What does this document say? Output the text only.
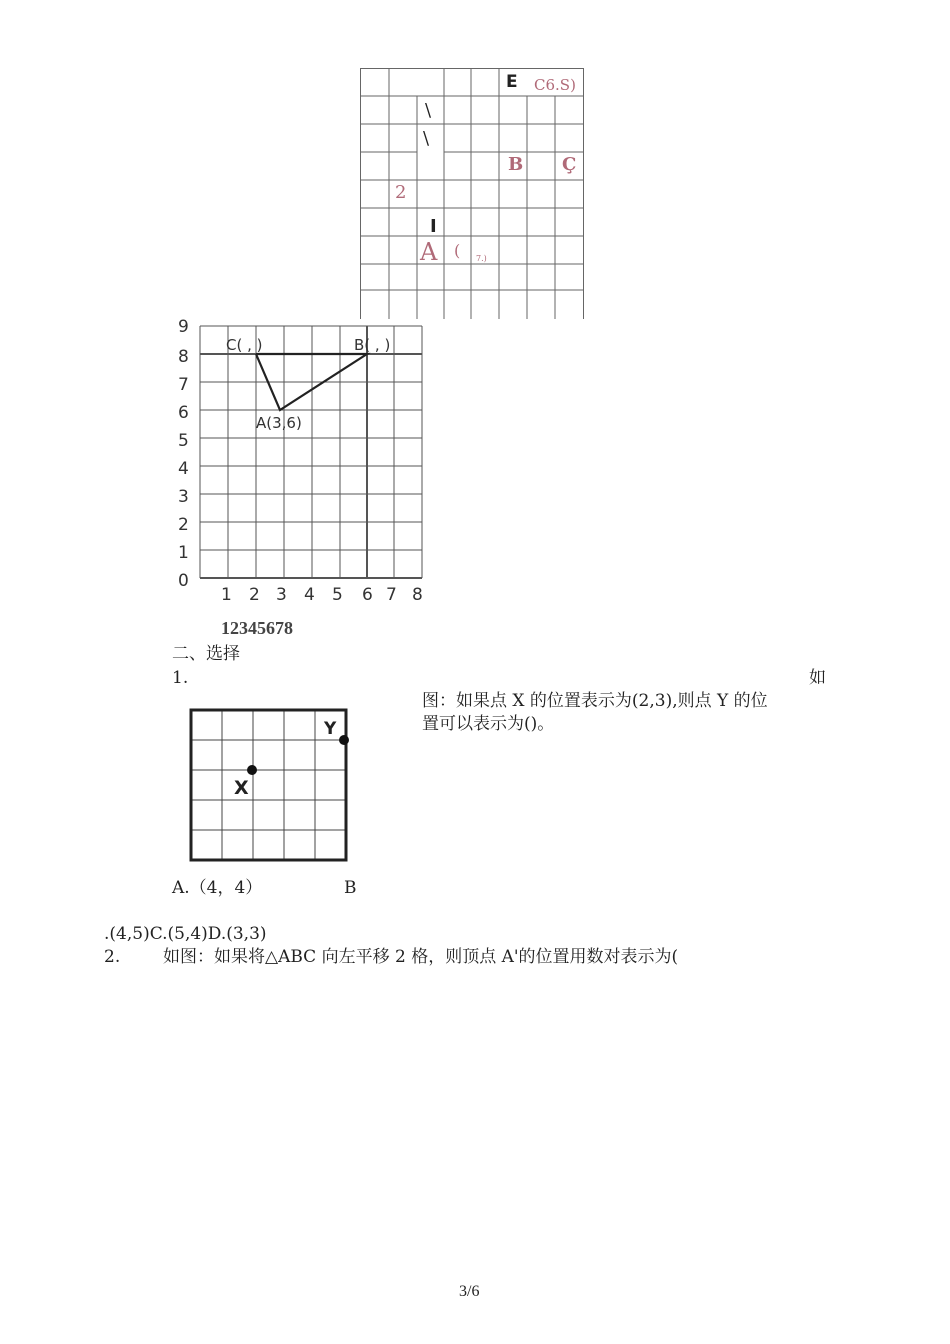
E C6.S)
\
\
B Ç
2
I
A ( 7.)
0
1
2
3
4
5
6
7
8
9
1 2 3 4 5 6 7 8
C( , )	B( , )
A(3,6)
12345678
二、选择
1.	如
图：如果点 X 的位置表示为(2,3),则点 Y 的位
置可以表示为()。
X
Y
A.（4，4）	B
.(4,5)C.(5,4)D.(3,3)
2.	如图：如果将△ABC 向左平移 2 格，则顶点 A'的位置用数对表示为(
3/6
